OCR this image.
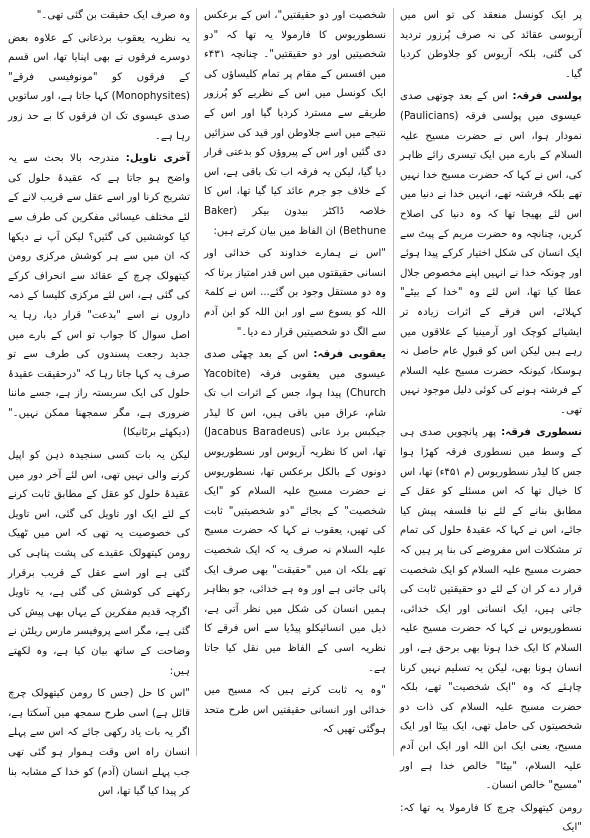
پر ایک کونسل منعقد کی تو اس میں آریوسی عقائد کی نہ صرف پُرزور تردید کی گئی، بلکہ آریوس کو جلاوطن کردیا گیا۔

پولسی فرقہ: اس کے بعد چوتھی صدی عیسوی میں پولسی فرقہ (Paulicians) نمودار ہوا، اس نے حضرت مسیح علیہ السلام کے بارے میں ایک تیسری رائے ظاہر کی، اس نے کہا کہ حضرت مسیح خدا نہیں تھے بلکہ فرشتہ تھے، انہیں خدا نے دنیا میں اس لئے بھیجا تھا کہ وہ دنیا کی اصلاح کریں، چنانچہ وہ حضرت مریم کے پیٹ سے ایک انسان کی شکل اختیار کرکے پیدا ہوئے اور چونکہ خدا نے انہیں اپنے مخصوص جلال عطا کیا تھا، اس لئے وہ "خدا کے بیٹے" کہلائے، اس فرقے کے اثرات زیادہ تر ایشیائے کوچک اور آرمینیا کے علاقوں میں رہے ہیں لیکن اس کو قبولِ عام حاصل نہ ہوسکا، کیونکہ حضرت مسیح علیہ السلام کے فرشتہ ہونے کی کوئی دلیل موجود نہیں تھی۔

نسطوری فرقہ: پھر پانچویں صدی ہی کے وسط میں نسطوری فرقہ کھڑا ہوا جس کا لیڈر نسطوریوس (م ۴۵۱ء) تھا، اس کا خیال تھا کہ اس مسئلے کو عقل کے مطابق بنانے کے لئے نیا فلسفہ پیش کیا جائے، اس نے کہا کہ عقیدۂ حلول کی تمام تر مشکلات اس مفروضے کی بنا پر ہیں کہ حضرت مسیح علیہ السلام کو ایک شخصیت قرار دے کر ان کے لئے دو حقیقتیں ثابت کی جاتی ہیں، ایک انسانی اور ایک خدائی، نسطوریوس نے کہا کہ حضرت مسیح علیہ السلام کا ایک خدا ہونا بھی برحق ہے، اور انسان ہونا بھی، لیکن یہ تسلیم نہیں کرنا چاہئے کہ وہ "ایک شخصیت" تھے، بلکہ حضرت مسیح علیہ السلام کی ذات دو شخصیتوں کی حامل تھی، ایک بیٹا اور ایک مسیح، یعنی ایک ابن اللہ اور ایک ابن آدم علیہ السلام، "بیٹا" خالص خدا ہے اور "مسیح" خالص انسان۔

رومن کیتھولک چرچ کا فارمولا یہ تھا کہ: "ایک

شخصیت اور دو حقیقتیں"، اس کے برعکس نسطوریوس کا فارمولا یہ تھا کہ "دو شخصیتیں اور دو حقیقتیں"۔ چنانچہ ۴۳۱ء میں افسس کے مقام پر تمام کلیساؤں کی ایک کونسل میں اس کے نظریے کو پُرزور طریقے سے مسترد کردیا گیا اور اس کے نتیجے میں اسے جلاوطن اور قید کی سزائیں دی گئیں اور اس کے پیروؤں کو بدعتی قرار دیا گیا، لیکن یہ فرقہ اب تک باقی ہے، اس کے خلاف جو جرم عائد کیا گیا تھا، اس کا خلاصہ ڈاکٹر بیدون بیکر (Baker Bethune) ان الفاظ میں بیان کرتے ہیں:

"اس نے ہمارے خداوند کی خدائی اور انسانی حقیقتوں میں اس قدر امتیاز برتا کہ وہ دو مستقل وجود بن گئے... اس نے کلمۃ اللہ کو یسوع سے اور ابن اللہ کو ابن آدم سے الگ دو شخصیتیں قرار دے دیا۔"

یعقوبی فرقہ: اس کے بعد چھٹی صدی عیسوی میں یعقوبی فرقہ (Yacobite Church) پیدا ہوا، جس کے اثرات اب تک شام، عراق میں باقی ہیں، اس کا لیڈر جیکبس برذ عانی (Jacabus Baradeus) تھا، اس کا نظریہ آریوس اور نسطوریوس دونوں کے بالکل برعکس تھا، نسطوریوس نے حضرت مسیح علیہ السلام کو "ایک شخصیت" کے بجائے "دو شخصیتیں" ثابت کی تھیں، یعقوب نے کہا کہ حضرت مسیح علیہ السلام نہ صرف یہ کہ ایک شخصیت تھے بلکہ ان میں "حقیقت" بھی صرف ایک پائی جاتی ہے اور وہ ہے خدائی، جو بظاہر ہمیں انسان کی شکل میں نظر آتی ہے، ذیل میں انسائیکلو پیڈیا سے اس فرقے کا نظریہ اسی کے الفاظ میں نقل کیا جاتا ہے۔

"وہ یہ ثابت کرتے ہیں کہ مسیح میں خدائی اور انسانی حقیقتیں اس طرح متحد ہوگئی تھیں کہ

وہ صرف ایک حقیقت بن گئی تھی۔"

یہ نظریہ یعقوب برذعانی کے علاوہ بعض دوسرے فرقوں نے بھی اپنایا تھا، اس قسم کے فرقوں کو "مونوفیسی فرقے" (Monophysites) کہا جاتا ہے، اور ساتویں صدی عیسوی تک ان فرقوں کا بے حد زور رہا ہے۔

آخری تاویل: مندرجہ بالا بحث سے یہ واضح ہو جاتا ہے کہ عقیدۂ حلول کی تشریح کرنا اور اسے عقل سے قریب لانے کے لئے مختلف عیسائی مفکرین کی طرف سے کیا کوششیں کی گئیں؟ لیکن آپ نے دیکھا کہ ان میں سے ہر کوشش مرکزی رومن کیتھولک چرچ کے عقائد سے انحراف کرکے کی گئی ہے، اس لئے مرکزی کلیسا کے ذمہ داروں نے اسے "بدعت" قرار دیا، رہا یہ اصل سوال کا جواب تو اس کے بارے میں جدید رجعت پسندوں کی طرف سے تو صرف یہ کہا جاتا رہا کہ "درحقیقت عقیدۂ حلول کی ایک سربستہ راز ہے، جسے ماننا ضروری ہے، مگر سمجھنا ممکن نہیں۔" (دیکھئے برٹانیکا)

لیکن یہ بات کسی سنجیدہ ذہن کو اپیل کرنے والی نہیں تھی، اس لئے آخر دور میں عقیدۂ حلول کو عقل کے مطابق ثابت کرنے کے لئے ایک اور تاویل کی گئی، اس تاویل کی خصوصیت یہ تھی کہ اس میں ٹھیک رومن کیتھولک عقیدے کی پشت پناہی کی گئی ہے اور اسے عقل کے قریب برقرار رکھنے کی کوشش کی گئی ہے، یہ تاویل اگرچہ قدیم مفکرین کے یہاں بھی پیش کی گئی ہے، مگر اسے پروفیسر مارس ریلٹن نے وضاحت کے ساتھ بیان کیا ہے، وہ لکھتے ہیں:

"اس کا حل (جس کا رومن کیتھولک چرچ قائل ہے) اسی طرح سمجھ میں آسکتا ہے، اگر یہ بات یاد رکھی جائے کہ اس سے پہلے انسان راہ اس وقت ہموار ہو گئی تھی جب پہلے انسان (آدم) کو خدا کے مشابہ بنا کر پیدا کیا گیا تھا، اس
